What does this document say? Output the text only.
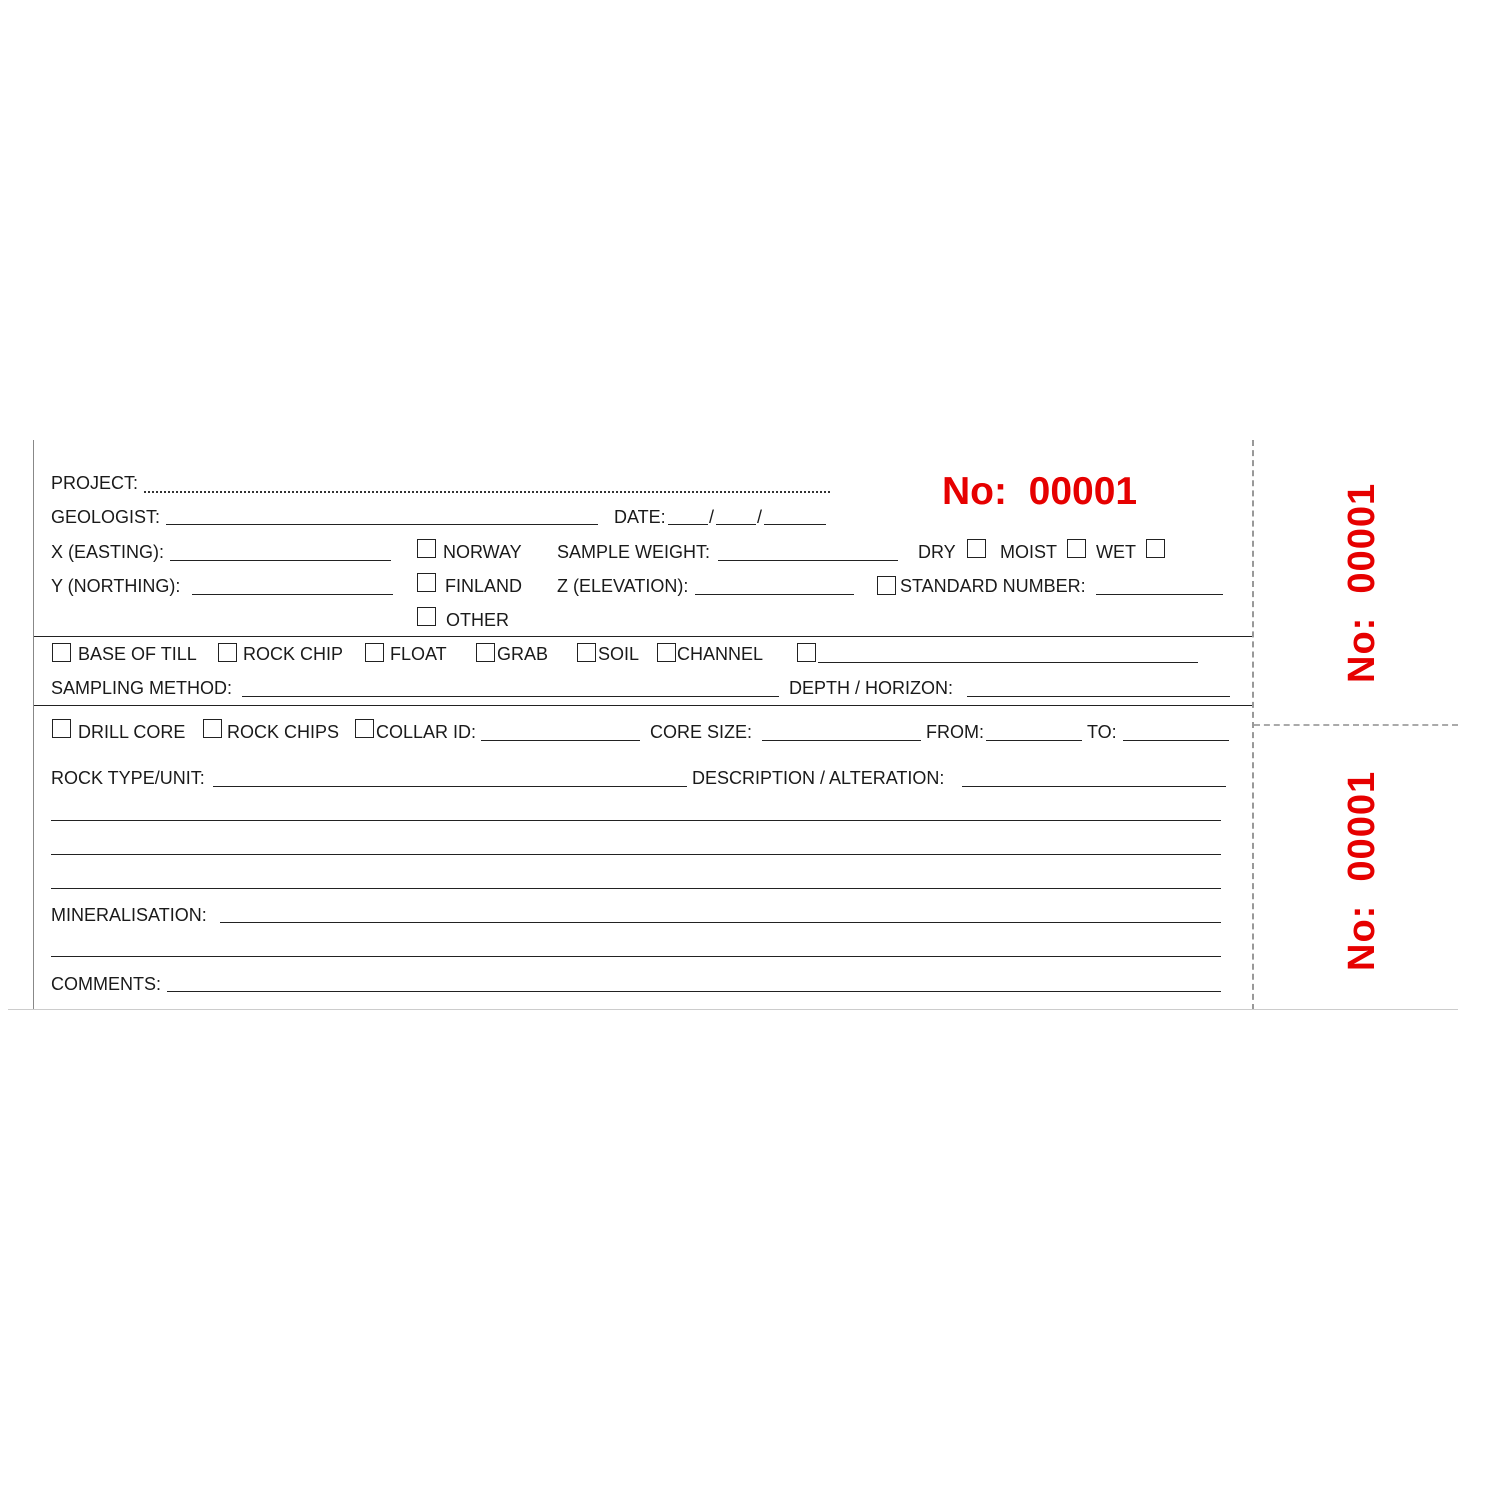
No:  00001
PROJECT:
GEOLOGIST:	DATE: / /
X (EASTING):	NORWAY SAMPLE WEIGHT:	DRY MOIST WET
Y (NORTHING):	FINLAND Z (ELEVATION):	STANDARD NUMBER:
OTHER
BASE OF TILL	ROCK CHIP	FLOAT	GRAB	SOIL CHANNEL
SAMPLING METHOD:	DEPTH / HORIZON:
DRILL CORE ROCK CHIPS COLLAR ID:	CORE SIZE:	FROM:	TO:
ROCK TYPE/UNIT:	DESCRIPTION / ALTERATION:
MINERALISATION:
COMMENTS:
No:  00001
No:  00001
